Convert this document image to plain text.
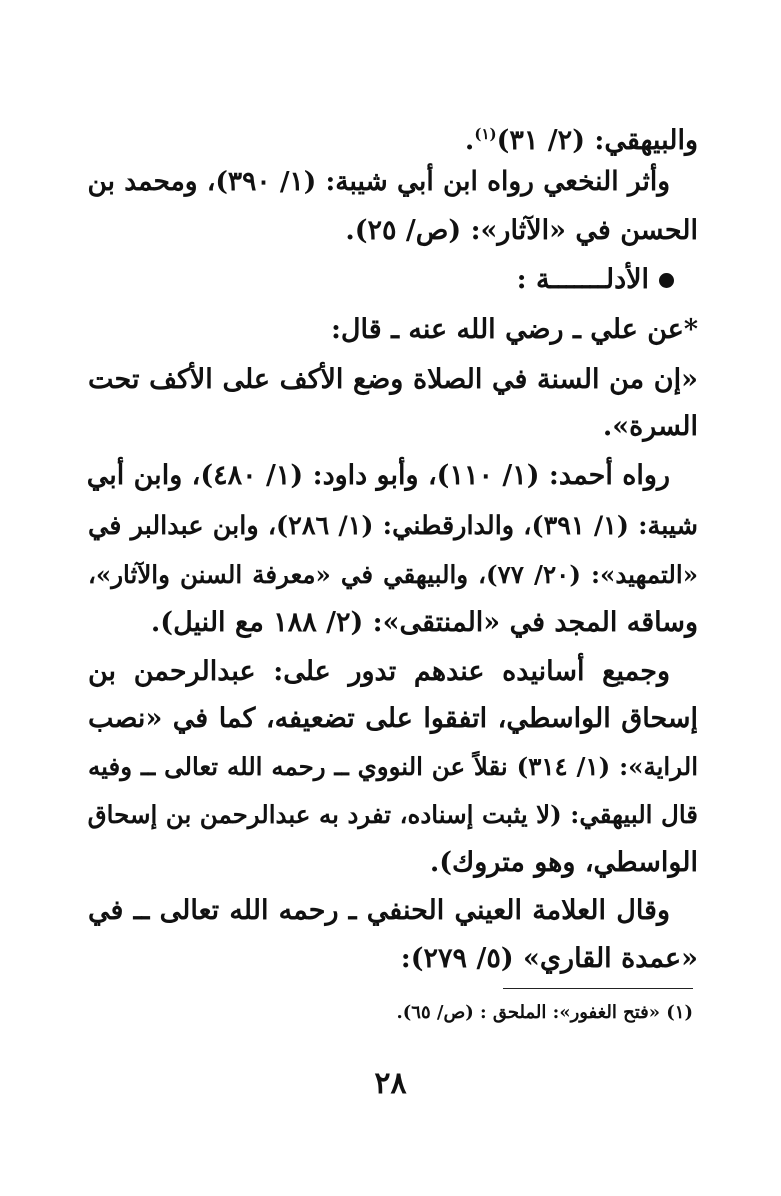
والبيهقي: (٢/ ٣١)$^{(١)}$.
وأثر النخعي رواه ابن أبي شيبة: (١/ ٣٩٠)، ومحمد بن
الحسن في «الآثار»: (ص/ ٢٥).
الأدلـــــــة :
*عن علي ـ رضي الله عنه ـ قال:
«إن من السنة في الصلاة وضع الأكف على الأكف تحت
السرة».
رواه أحمد: (١/ ١١٠)، وأبو داود: (١/ ٤٨٠)، وابن أبي
شيبة: (١/ ٣٩١)، والدارقطني: (١/ ٢٨٦)، وابن عبدالبر في
«التمهيد»: (٢٠/ ٧٧)، والبيهقي في «معرفة السنن والآثار»،
وساقه المجد في «المنتقى»: (٢/ ١٨٨ مع النيل).
وجميع أسانيده عندهم تدور على: عبدالرحمن بن
إسحاق الواسطي، اتفقوا على تضعيفه، كما في «نصب
الراية»: (١/ ٣١٤) نقلاً عن النووي ــ رحمه الله تعالى ــ وفيه
قال البيهقي: (لا يثبت إسناده، تفرد به عبدالرحمن بن إسحاق
الواسطي، وهو متروك).
وقال العلامة العيني الحنفي ـ رحمه الله تعالى ــ في
«عمدة القاري» (٥/ ٢٧٩):
(١) «فتح الغفور»: الملحق : (ص/ ٦٥).
٢٨
